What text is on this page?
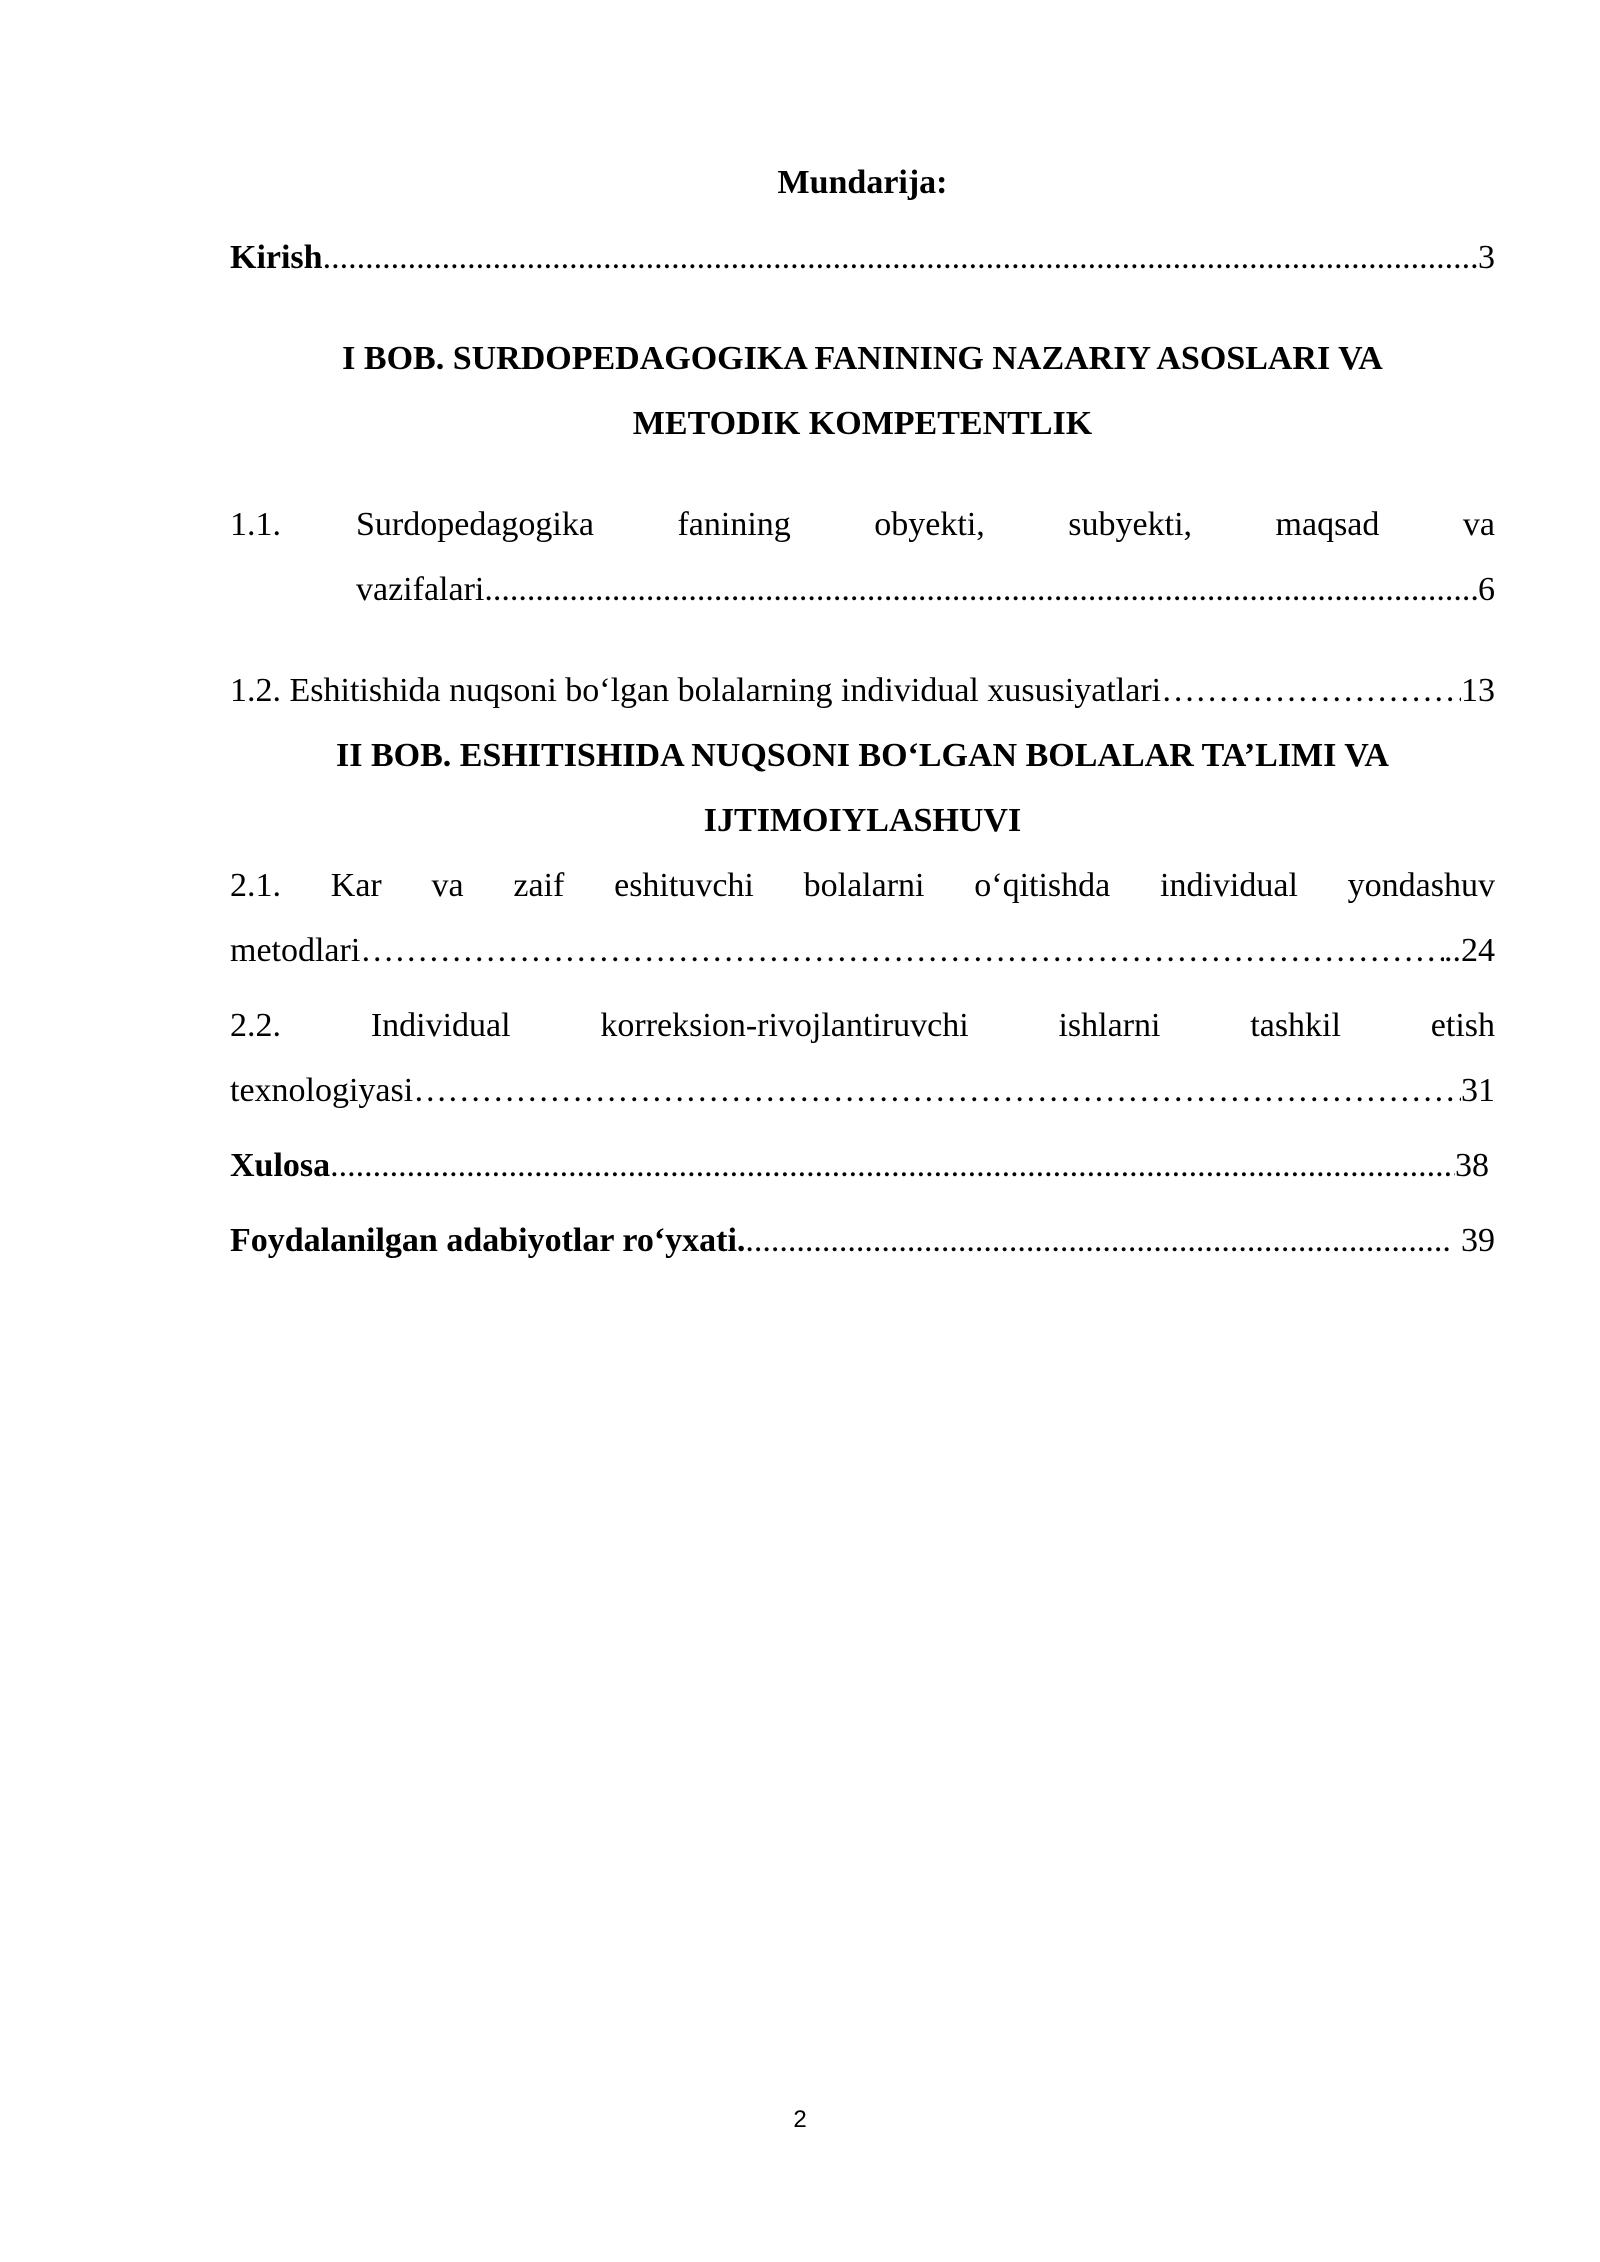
Mundarija:
Kirish .....	3
I BOB. SURDOPEDAGOGIKA FANINING NAZARIY ASOSLARI VA
METODIK KOMPETENTLIK
1.1.	Surdopedagogika fanining obyekti, subyekti, maqsad va
vazifalari .....	6
1.2. Eshitishida nuqsoni bo‘lgan bolalarning individual xususiyatlari ………………………………………………………………………………………………………………………………………………………………………………………………………………………………………………	13
II BOB. ESHITISHIDA NUQSONI BO‘LGAN BOLALAR TA’LIMI VA
IJTIMOIYLASHUVI
2.1. Kar va zaif eshituvchi bolalarni o‘qitishda individual yondashuv
metodlari ………………………………………………………………………………………………………………………………………………………………………………………………………………………………………………	..24
2.2. Individual korreksion-rivojlantiruvchi ishlarni tashkil etish
texnologiyasi ………………………………………………………………………………………………………………………………………………………………………………………………………………………………………………	31
Xulosa .....	38
Foydalanilgan adabiyotlar ro‘yxati. .....	39
2
